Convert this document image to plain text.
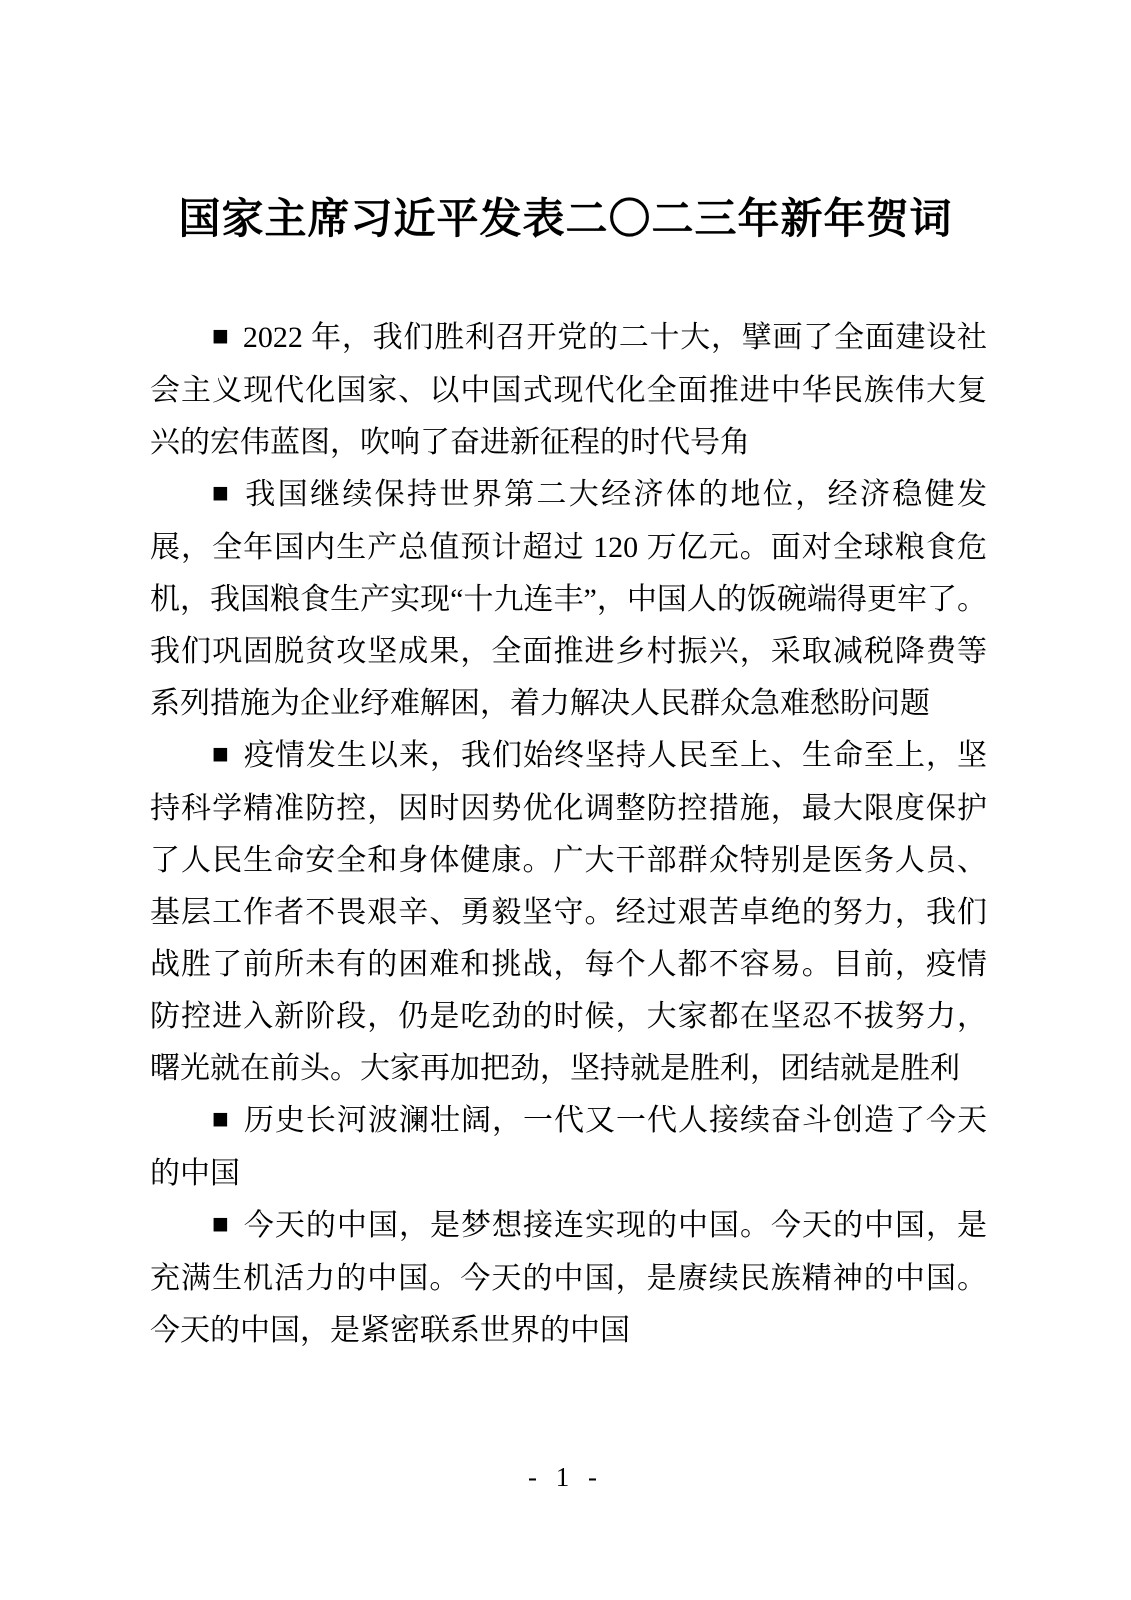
国家主席习近平发表二〇二三年新年贺词

■ 2022 年，我们胜利召开党的二十大，擘画了全面建设社会主义现代化国家、以中国式现代化全面推进中华民族伟大复兴的宏伟蓝图，吹响了奋进新征程的时代号角

■ 我国继续保持世界第二大经济体的地位，经济稳健发展，全年国内生产总值预计超过 120 万亿元。面对全球粮食危机，我国粮食生产实现“十九连丰”，中国人的饭碗端得更牢了。我们巩固脱贫攻坚成果，全面推进乡村振兴，采取减税降费等系列措施为企业纾难解困，着力解决人民群众急难愁盼问题

■ 疫情发生以来，我们始终坚持人民至上、生命至上，坚持科学精准防控，因时因势优化调整防控措施，最大限度保护了人民生命安全和身体健康。广大干部群众特别是医务人员、基层工作者不畏艰辛、勇毅坚守。经过艰苦卓绝的努力，我们战胜了前所未有的困难和挑战，每个人都不容易。目前，疫情防控进入新阶段，仍是吃劲的时候，大家都在坚忍不拔努力，曙光就在前头。大家再加把劲，坚持就是胜利，团结就是胜利

■ 历史长河波澜壮阔，一代又一代人接续奋斗创造了今天的中国

■ 今天的中国，是梦想接连实现的中国。今天的中国，是充满生机活力的中国。今天的中国，是赓续民族精神的中国。今天的中国，是紧密联系世界的中国

- 1 -
